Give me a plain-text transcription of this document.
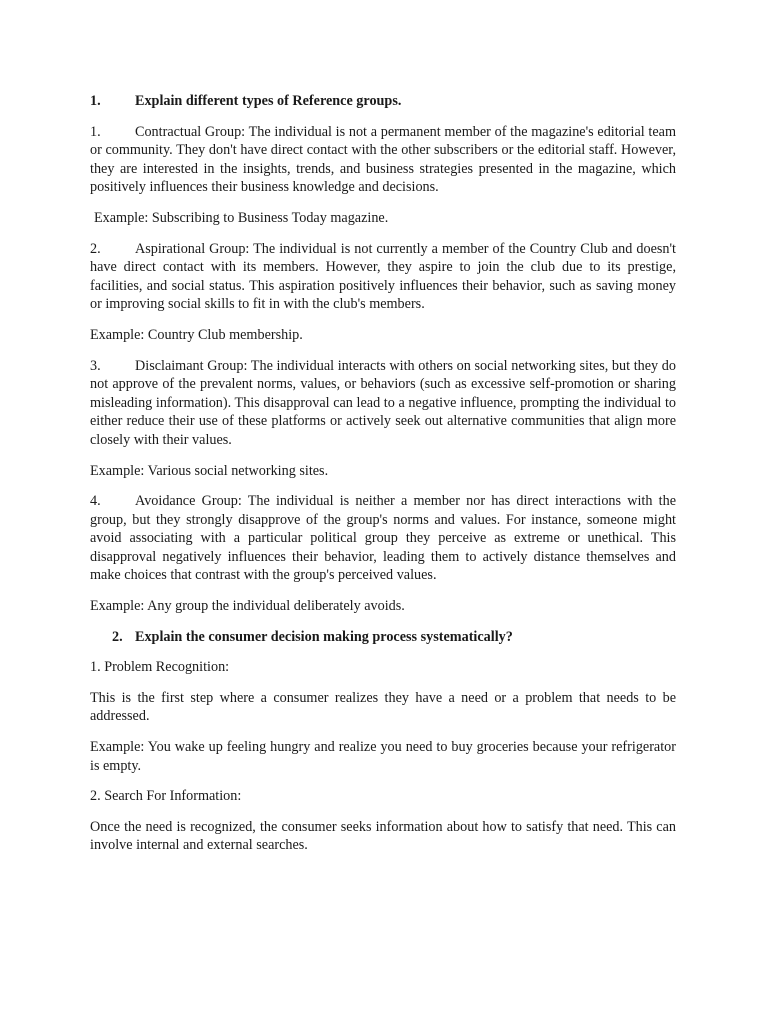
1.	Explain different types of Reference groups.
1. Contractual Group: The individual is not a permanent member of the magazine's editorial team or community. They don't have direct contact with the other subscribers or the editorial staff. However, they are interested in the insights, trends, and business strategies presented in the magazine, which positively influences their business knowledge and decisions.
Example: Subscribing to Business Today magazine.
2. Aspirational Group: The individual is not currently a member of the Country Club and doesn't have direct contact with its members. However, they aspire to join the club due to its prestige, facilities, and social status. This aspiration positively influences their behavior, such as saving money or improving social skills to fit in with the club's members.
Example: Country Club membership.
3. Disclaimant Group: The individual interacts with others on social networking sites, but they do not approve of the prevalent norms, values, or behaviors (such as excessive self-promotion or sharing misleading information). This disapproval can lead to a negative influence, prompting the individual to either reduce their use of these platforms or actively seek out alternative communities that align more closely with their values.
Example: Various social networking sites.
4. Avoidance Group: The individual is neither a member nor has direct interactions with the group, but they strongly disapprove of the group's norms and values. For instance, someone might avoid associating with a particular political group they perceive as extreme or unethical. This disapproval negatively influences their behavior, leading them to actively distance themselves and make choices that contrast with the group's perceived values.
Example: Any group the individual deliberately avoids.
2. Explain the consumer decision making process systematically?

1. Problem Recognition:

This is the first step where a consumer realizes they have a need or a problem that needs to be addressed.

Example: You wake up feeling hungry and realize you need to buy groceries because your refrigerator is empty.

2. Search For Information:

Once the need is recognized, the consumer seeks information about how to satisfy that need. This can involve internal and external searches.
